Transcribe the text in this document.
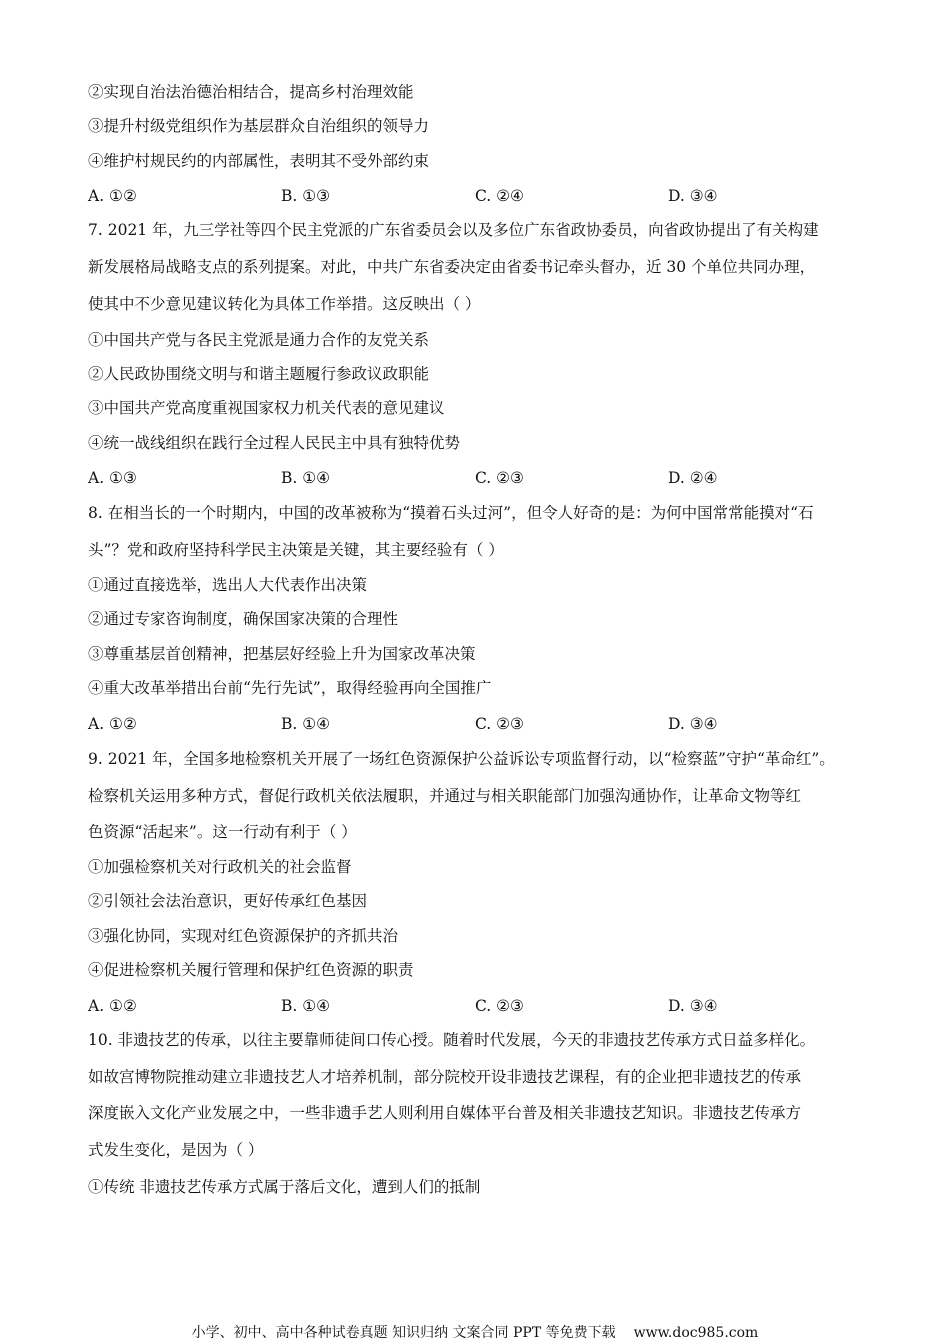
②实现自治法治德治相结合，提高乡村治理效能
③提升村级党组织作为基层群众自治组织的领导力
④维护村规民约的内部属性，表明其不受外部约束
A. ①②	B. ①③	C. ②④	D. ③④
7. 2021 年，九三学社等四个民主党派的广东省委员会以及多位广东省政协委员，向省政协提出了有关构建
新发展格局战略支点的系列提案。对此，中共广东省委决定由省委书记牵头督办，近 30 个单位共同办理，
使其中不少意见建议转化为具体工作举措。这反映出（ ）
①中国共产党与各民主党派是通力合作的友党关系
②人民政协围绕文明与和谐主题履行参政议政职能
③中国共产党高度重视国家权力机关代表的意见建议
④统一战线组织在践行全过程人民民主中具有独特优势
A. ①③	B. ①④	C. ②③	D. ②④
8. 在相当长的一个时期内，中国的改革被称为“摸着石头过河”，但令人好奇的是：为何中国常常能摸对“石
头”？党和政府坚持科学民主决策是关键，其主要经验有（ ）
①通过直接选举，选出人大代表作出决策
②通过专家咨询制度，确保国家决策的合理性
③尊重基层首创精神，把基层好经验上升为国家改革决策
④重大改革举措出台前“先行先试”，取得经验再向全国推广
A. ①②	B. ①④	C. ②③	D. ③④
9. 2021 年，全国多地检察机关开展了一场红色资源保护公益诉讼专项监督行动，以“检察蓝”守护“革命红”。
检察机关运用多种方式，督促行政机关依法履职，并通过与相关职能部门加强沟通协作，让革命文物等红
色资源“活起来”。这一行动有利于（ ）
①加强检察机关对行政机关的社会监督
②引领社会法治意识，更好传承红色基因
③强化协同，实现对红色资源保护的齐抓共治
④促进检察机关履行管理和保护红色资源的职责
A. ①②	B. ①④	C. ②③	D. ③④
10. 非遗技艺的传承，以往主要靠师徒间口传心授。随着时代发展，今天的非遗技艺传承方式日益多样化。
如故宫博物院推动建立非遗技艺人才培养机制，部分院校开设非遗技艺课程，有的企业把非遗技艺的传承
深度嵌入文化产业发展之中，一些非遗手艺人则利用自媒体平台普及相关非遗技艺知识。非遗技艺传承方
式发生变化，是因为（ ）
①传统 非遗技艺传承方式属于落后文化，遭到人们的抵制
小学、初中、高中各种试卷真题 知识归纳 文案合同 PPT 等免费下载 www.doc985.com
